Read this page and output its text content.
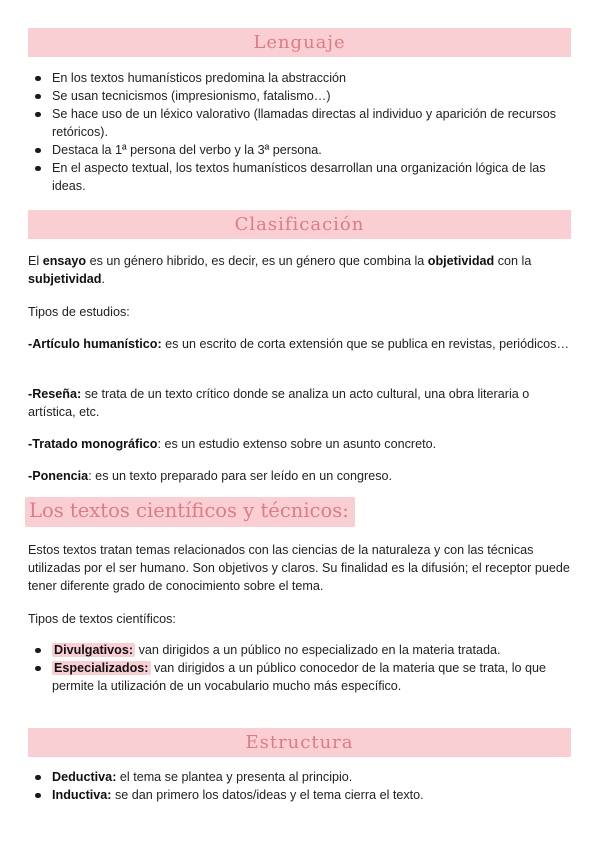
Lenguaje
En los textos humanísticos predomina la abstracción
Se usan tecnicismos (impresionismo, fatalismo…)
Se hace uso de un léxico valorativo (llamadas directas al individuo y aparición de recursos retóricos).
Destaca la 1ª persona del verbo y la 3ª persona.
En el aspecto textual, los textos humanísticos desarrollan una organización lógica de las ideas.
Clasificación

El ensayo es un género hibrido, es decir, es un género que combina la objetividad con la subjetividad.

Tipos de estudios:

-Artículo humanístico: es un escrito de corta extensión que se publica en revistas, periódicos…

-Reseña: se trata de un texto crítico donde se analiza un acto cultural, una obra literaria o artística, etc.

-Tratado monográfico: es un estudio extenso sobre un asunto concreto.

-Ponencia: es un texto preparado para ser leído en un congreso.

Los textos científicos y técnicos:

Estos textos tratan temas relacionados con las ciencias de la naturaleza y con las técnicas utilizadas por el ser humano. Son objetivos y claros. Su finalidad es la difusión; el receptor puede tener diferente grado de conocimiento sobre el tema.

Tipos de textos científicos:

Divulgativos: van dirigidos a un público no especializado en la materia tratada.
Especializados: van dirigidos a un público conocedor de la materia que se trata, lo que permite la utilización de un vocabulario mucho más específico.
Estructura
Deductiva: el tema se plantea y presenta al principio.
Inductiva: se dan primero los datos/ideas y el tema cierra el texto.
